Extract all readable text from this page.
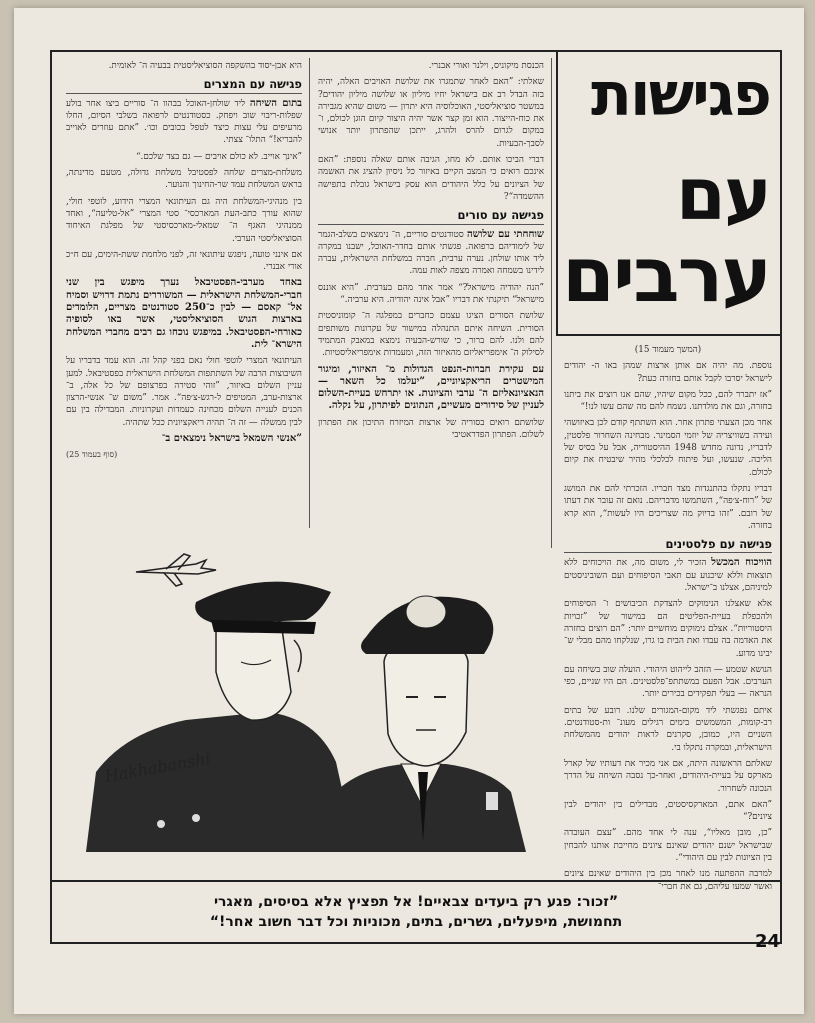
פגישות
עם
ערבים

(המשך מעמוד 15)

נוספת. מה יהיה אם אותן ארצות שמהן באו ה- יהודים לישראל יסרבו לקבל אותם בחזרה כעת?

”אז יתברר להם, ככל מקום שיהיו, שהם אנו רוצים את ביתנו בחזרה, וגם את מולדתנו. נשמח להם מה שהם עשו לנו!“

אחר מכן הצעתי פתרון אחר. הוא השתתף קודם לכן באיזושהי ועידה בשוויצריה של יוזמי הסמינר. מבחינה השחרור פלסטין, לדבריו, נדונה מחדש 1948 ההיסטוריה, אבל על בסיס של הליכה. שנעשו, ועל פיתוח לכלכלי מהיר שיבטיח את קיום לכולם.

דבריו נתקלו בהתנגדות מצד חבריו. הזכרתי להם את המושג של ”רוח‑צ׳פה“, השתמשו מדבריהם. נואם זה עובר את דעתו של רובם. ”זהו בדיוק מה שצריכים היו לעשות“, הוא קרא בחזרה.

פגישה עם פלסטינים

הוויכוח המכשל הזכיר לי, משום מה, את הויכוחים ללא תוצאות וללא שיכנוע עם תאבי הסיפוחים ועם השוביניסטים למיניהם, אצלנו ב־ישראל.

אלא שאצלנו הנימוקים להצדקת הכיבושים ו־ הסיפוחים ולהכפלת בעיית‑הפליטים הם במישור של ”זכויות היסטוריות“. אצלם נימוקים מוחשיים יותר: ”הם רוצים בחזרה את האדמה בה עבדו ואת הבית בו גרו, שנלקחו מהם מבלי ש־ יבינו מדוע.

הנושא שטמע — הזהב לייהוט היהודי. הועלה שוב בשיחה עם הערבים. אבל הפעם במשתתפ־פלסטינים. הם היו שניים, כפי הנראה — בעלי תפקידים בכירים יותר.

איתם נפגשתי ליד מקום‑המגורים שלנו. רובע של בתים רב‑קומות, המשמשים בימים רגילים מעונ־ ות‑סטודנטים. השניים היו, כמובן, סקרנים לראות יהודים מהמשלחת הישראלית, ובמקרה נתקלו בי.

שאלתם הראשונה היתה, אם אני מכיר את דעותיו של קארל מארקס על בעיית‑היהודים, ואחר‑כך נסבה השיחה על הדרך הנכונה לשחרור.

”האם אתם, המארקסיסטים, מבדילים בין יהודים לבין ציונים?“

”כן, מובן מאליו“, ענה לי אחד מהם. ”עצם העובדה שבישראל ישנם יהודים שאינם ציונים מחייבת אותנו להבחין בין הציונות לבין עם היהודי“.

למרבה ההפתעה מנו לאחר מכן בין היהודים שאינם ציונים ואשר שמעו עליהם, גם את חברי־

הכנסת מיקוניס, וילנר ואורי אבנרי.

שאלתי: ”האם לאחר שתמגרו את שלושת האויבים האלה, יהיה בזה הבדל רב אם בישראל יחיו מיליון או שלושה מיליון יהודים? במשטר סוציאליסטי, האוכלוסיה היא יתרון — משום שהיא מגבירה את כוח‑הייצור. הוא זמן קצר אשר יהיה היצור קיום הוגן לכולם, ו־ במקום לגרום להרס ולהרג, ייתכן שהפתרון יותר אנושי לסבך‑הבעיות.

דברי הביכו אותם. לא מחו, הגיבה אותם שאלה נוספת: ”האם אינכם רואים כי המצב הקיים באיזור כל ניסיון להציג את האשמה של הציונים על כלל היהודים הוא עסק בישראל גובלת בתפישה ההשמדה“?

פגישה עם סורים

שוחחתי עם שלושה סטודנטים סוריים, ה־ נימצאים בשלב‑הגמר של לימודיהם ברפואה. פגשתי אותם בחדר‑האוכל, ישבנו במקרה ליד אותו שולחן. נערה ערבית, חברה במשלחת הישראלית, עברה לידינו בשמחה ואמרה מצפה לאות עמה.

”הנה יהודיה מישראל?“ אמר אחד מהם בערבית. ”היא אוננס מישראל“ תיקנתי את דבריו ”אבל אינה יהודיה. היא ערביה.“

שלושת הסורים הציגו עצמם כחברים במפלגה ה־ קומוניסטית הסורית. השיחה איתם התנהלה במישור של עקרונות משותפים להם ולנו. להם ברור, כי שורש‑הבעיה נימצא במאבק המתמיד לסילוק ה־ אימפריאליזם מהאיזור הזה, ומעמדות אימפריאליסטיות.

עם עקירת חברות‑הנפט הגדולות מ־ האיזור, ומיגור המישטרים הריאקציוניים, ”יעלמו כל השאר — הנאציונאליזם ה־ ערבי והציונות. או יתרחש בעיית‑השלום לעניין של סידורים מעשיים, הנתונים לפיתרון, על נקלה.

שלושתם רואים בסוריה של ארצות המיזרח התיכון את הפתרון לשלום. הפתרון הפדראטיבי

היא אבן‑יסוד בהשקפה הסוציאליסטית בבעיה ה־ לאומית.

פגישה עם המצרים

בתום השיחה ליד שולחן‑האוכל בבהוו ה־ סוריים ביצו אחר בולע שפלות‑ריבוי שוב ויפחק. כסטודנטים לרפואה בשלבי הסיום, החלו מרעיפים עלי עצות כיצד לטפל בכובים וכו׳. ”אתם עוזרים לאוייב להבריא!“ התלו־ צצתי.

”אינך אוייב. לא כולם אויבים — גם בצד שלכם.“

משלחת‑מצרים שלחה לפסטיבל משלחת גדולה, מטעם מדינתה, בראש המשלחת עמד שר‑החינוך והנוער.

בין מנהיגי‑המשלחת היה גם העיתונאי המצרי הידוע, לוטפי חולי, שהוא עורך כתב‑העת המארכסי־ סטי המצרי ”אל‑טליעה“, ואחד ממנהיגי האגף ה־ שמאלי‑מארכסיסטי של מפלגת האיחוד הסוציאליסטי הערבי.

אם אינני טועה, ניפגש עיתונאי זה, לפני מלחמת ששת‑הימים, עם ח״כ אורי אבנרי.

באחד מערבי‑הפסטיבאל נערך מיפגש בין שני חברי‑המשלחת הישראלית — המשוררים נתמת דרויש וסמיח אל־ קאסם — לבין כ־250 סטודנטים מצריים, הלומדים בארצות הגוש הסוציאליסטי, אשר באו לסופיה כאורחי‑הפסטיבאל. במיפגש נוכחו גם רבים מחברי המשלחת הישרא־ לית.

העיתונאי המצרי לוטפי חולי נאם בפני קהל זה. הוא עמד בדבריו על השיבוצות הרבה של השתתפות המשלחת הישראלית בפסטיבאל. למען עניין השלום באיזור, ”זוהי סטירה בפרצופם של כל אלה, ב־ ארצות‑ערב, המטיפים ל‑רגש‑צ׳פה“. אמר. ”משום ש־ אנשי‑הרצון הכנים לענייה השלום מכחינה כעמדות ועקרוניות. המבדילה בין עם לבין ממשלה — זה ה־ תהיה ריאקציונית ככל שתהיה.

”אנשי השמאל בישראל נימצאים ב־

(סוף בעמוד 25)

Hakhabanshi
”זכור: פגע רק ביעדים צבאיים! אל תפציץ אלא בסיסים, מאגרי
תחמושת, מיפעלים, גשרים, בתים, מכוניות וכל דבר חשוב אחר!“
24
